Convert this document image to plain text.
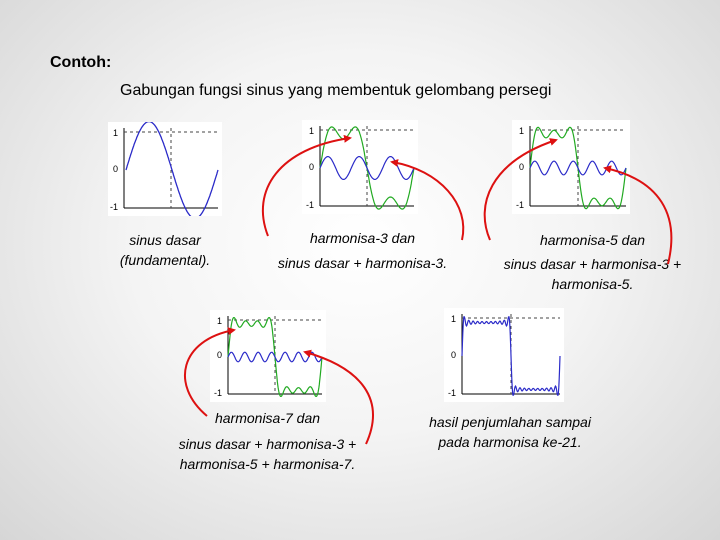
Contoh:
Gabungan fungsi sinus yang membentuk gelombang persegi
1
0
-1
sinus dasar
(fundamental).
1
0
-1
harmonisa-3 dan
sinus dasar + harmonisa-3.
1
0
-1
harmonisa-5 dan
sinus dasar + harmonisa-3 +
harmonisa-5.
1
0
-1
harmonisa-7 dan
sinus dasar + harmonisa-3 +
harmonisa-5 + harmonisa-7.
1
0
-1
hasil penjumlahan sampai
pada harmonisa ke-21.
